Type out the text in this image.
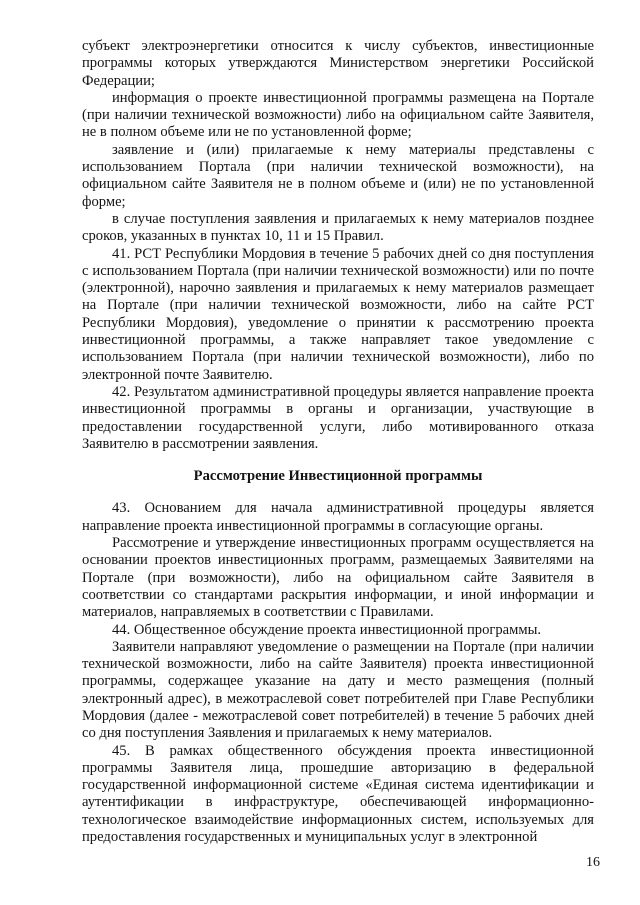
субъект электроэнергетики относится к числу субъектов, инвестиционные программы которых утверждаются Министерством энергетики Российской Федерации;

информация о проекте инвестиционной программы размещена на Портале (при наличии технической возможности) либо на официальном сайте Заявителя, не в полном объеме или не по установленной форме;

заявление и (или) прилагаемые к нему материалы представлены с использованием Портала (при наличии технической возможности), на официальном сайте Заявителя не в полном объеме и (или) не по установленной форме;

в случае поступления заявления и прилагаемых к нему материалов позднее сроков, указанных в пунктах 10, 11 и 15 Правил.

41. РСТ Республики Мордовия в течение 5 рабочих дней со дня поступления с использованием Портала (при наличии технической возможности) или по почте (электронной), нарочно заявления и прилагаемых к нему материалов размещает на Портале (при наличии технической возможности, либо на сайте РСТ Республики Мордовия), уведомление о принятии к рассмотрению проекта инвестиционной программы, а также направляет такое уведомление с использованием Портала (при наличии технической возможности), либо по электронной почте Заявителю.

42. Результатом административной процедуры является направление проекта инвестиционной программы в органы и организации, участвующие в предоставлении государственной услуги, либо мотивированного отказа Заявителю в рассмотрении заявления.

Рассмотрение Инвестиционной программы

43. Основанием для начала административной процедуры является направление проекта инвестиционной программы в согласующие органы.

Рассмотрение и утверждение инвестиционных программ осуществляется на основании проектов инвестиционных программ, размещаемых Заявителями на Портале (при возможности), либо на официальном сайте Заявителя в соответствии со стандартами раскрытия информации, и иной информации и материалов, направляемых в соответствии с Правилами.

44. Общественное обсуждение проекта инвестиционной программы.

Заявители направляют уведомление о размещении на Портале (при наличии технической возможности, либо на сайте Заявителя) проекта инвестиционной программы, содержащее указание на дату и место размещения (полный электронный адрес), в межотраслевой совет потребителей при Главе Республики Мордовия (далее - межотраслевой совет потребителей) в течение 5 рабочих дней со дня поступления Заявления и прилагаемых к нему материалов.

45. В рамках общественного обсуждения проекта инвестиционной программы Заявителя лица, прошедшие авторизацию в федеральной государственной информационной системе «Единая система идентификации и аутентификации в инфраструктуре, обеспечивающей информационно-технологическое взаимодействие информационных систем, используемых для предоставления государственных и муниципальных услуг в электронной

16
